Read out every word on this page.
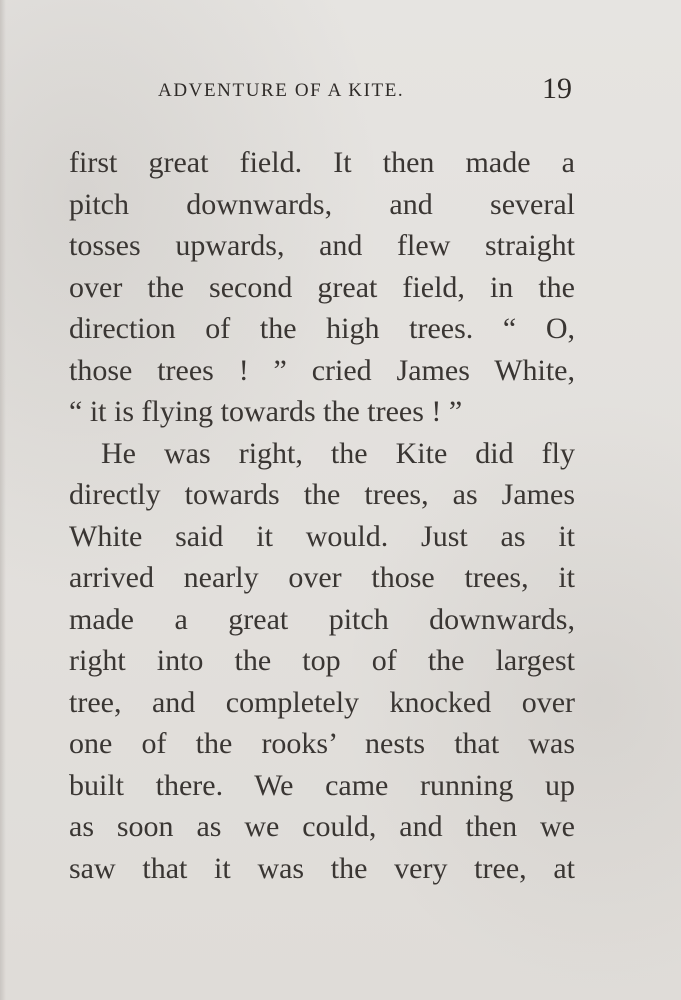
ADVENTURE OF A KITE.	19
first great field. It then made a
pitch downwards, and several
tosses upwards, and flew straight
over the second great field, in the
direction of the high trees. “ O,
those trees ! ” cried James White,
“ it is flying towards the trees ! ”
He was right, the Kite did fly
directly towards the trees, as James
White said it would. Just as it
arrived nearly over those trees, it
made a great pitch downwards,
right into the top of the largest
tree, and completely knocked over
one of the rooks’ nests that was
built there. We came running up
as soon as we could, and then we
saw that it was the very tree, at
